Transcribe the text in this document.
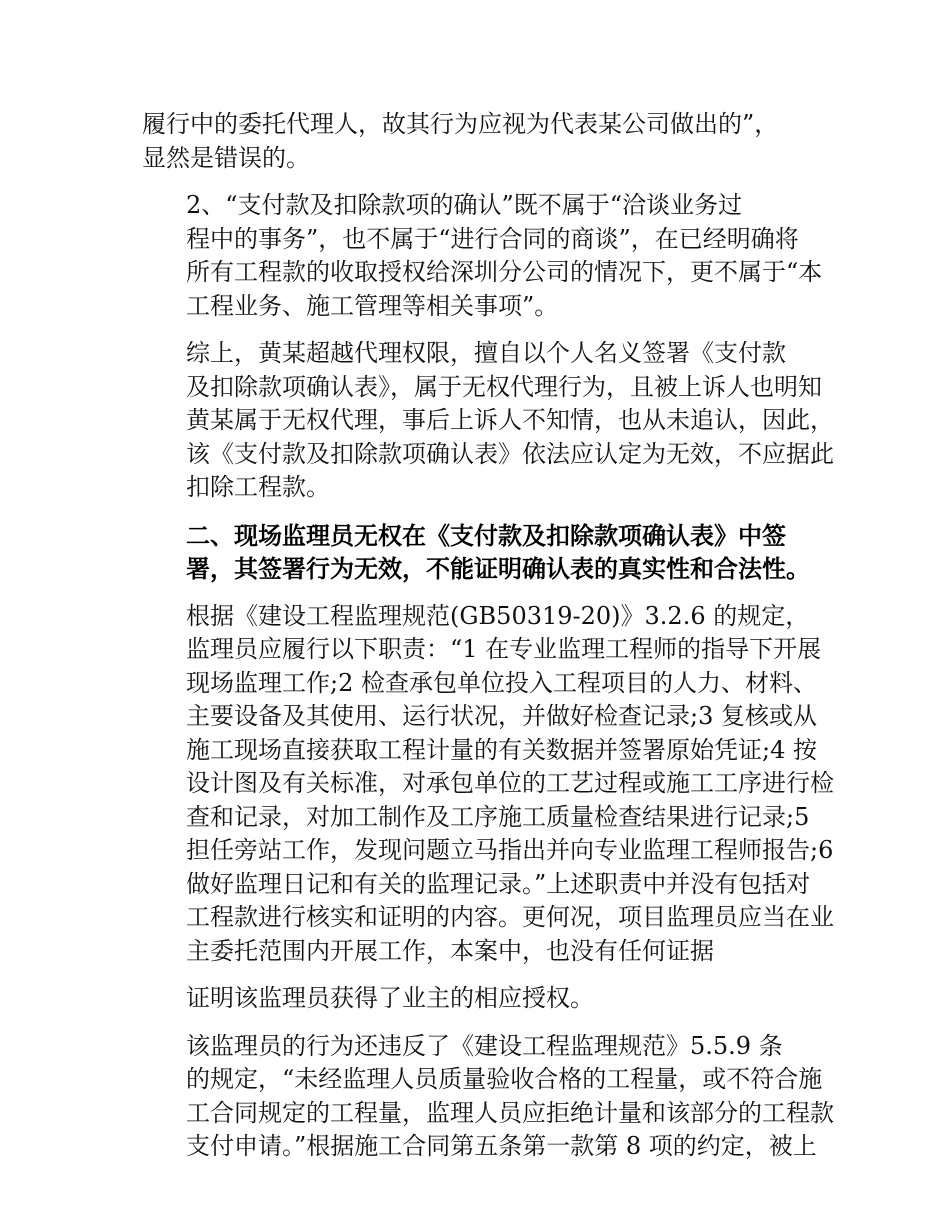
履行中的委托代理人，故其行为应视为代表某公司做出的”，
显然是错误的。
2、“支付款及扣除款项的确认”既不属于“洽谈业务过
程中的事务”，也不属于“进行合同的商谈”，在已经明确将
所有工程款的收取授权给深圳分公司的情况下，更不属于“本
工程业务、施工管理等相关事项”。
综上，黄某超越代理权限，擅自以个人名义签署《支付款
及扣除款项确认表》，属于无权代理行为，且被上诉人也明知
黄某属于无权代理，事后上诉人不知情，也从未追认，因此，
该《支付款及扣除款项确认表》依法应认定为无效，不应据此
扣除工程款。
二、现场监理员无权在《支付款及扣除款项确认表》中签
署，其签署行为无效，不能证明确认表的真实性和合法性。
根据《建设工程监理规范(GB50319-20)》3.2.6 的规定，
监理员应履行以下职责：“1 在专业监理工程师的指导下开展
现场监理工作;2 检查承包单位投入工程项目的人力、材料、
主要设备及其使用、运行状况，并做好检查记录;3 复核或从
施工现场直接获取工程计量的有关数据并签署原始凭证;4 按
设计图及有关标准，对承包单位的工艺过程或施工工序进行检
查和记录，对加工制作及工序施工质量检查结果进行记录;5
担任旁站工作，发现问题立马指出并向专业监理工程师报告;6
做好监理日记和有关的监理记录。”上述职责中并没有包括对
工程款进行核实和证明的内容。更何况，项目监理员应当在业
主委托范围内开展工作，本案中，也没有任何证据
证明该监理员获得了业主的相应授权。
该监理员的行为还违反了《建设工程监理规范》5.5.9 条
的规定，“未经监理人员质量验收合格的工程量，或不符合施
工合同规定的工程量，监理人员应拒绝计量和该部分的工程款
支付申请。”根据施工合同第五条第一款第 8 项的约定，被上
